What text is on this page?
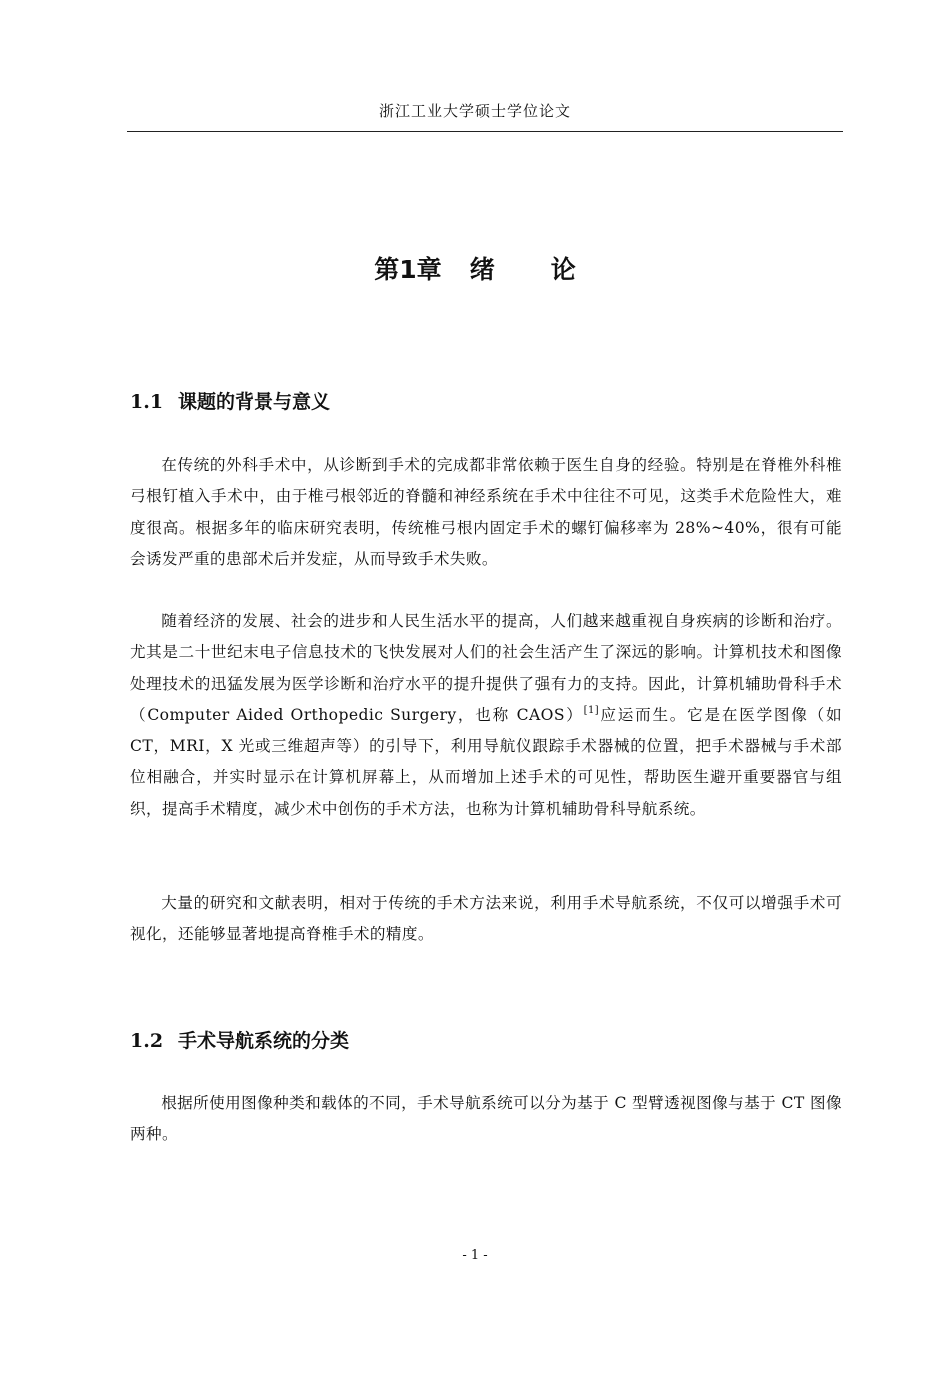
浙江工业大学硕士学位论文
第1章 绪 论
1.1 课题的背景与意义

在传统的外科手术中，从诊断到手术的完成都非常依赖于医生自身的经验。特别是在脊椎外科椎弓根钉植入手术中，由于椎弓根邻近的脊髓和神经系统在手术中往往不可见，这类手术危险性大，难度很高。根据多年的临床研究表明，传统椎弓根内固定手术的螺钉偏移率为 28%~40%，很有可能会诱发严重的患部术后并发症，从而导致手术失败。

随着经济的发展、社会的进步和人民生活水平的提高，人们越来越重视自身疾病的诊断和治疗。尤其是二十世纪末电子信息技术的飞快发展对人们的社会生活产生了深远的影响。计算机技术和图像处理技术的迅猛发展为医学诊断和治疗水平的提升提供了强有力的支持。因此，计算机辅助骨科手术（Computer Aided Orthopedic Surgery，也称 CAOS）[1]应运而生。它是在医学图像（如 CT，MRI，X 光或三维超声等）的引导下，利用导航仪跟踪手术器械的位置，把手术器械与手术部位相融合，并实时显示在计算机屏幕上，从而增加上述手术的可见性，帮助医生避开重要器官与组织，提高手术精度，减少术中创伤的手术方法，也称为计算机辅助骨科导航系统。

大量的研究和文献表明，相对于传统的手术方法来说，利用手术导航系统，不仅可以增强手术可视化，还能够显著地提高脊椎手术的精度。

1.2 手术导航系统的分类

根据所使用图像种类和载体的不同，手术导航系统可以分为基于 C 型臂透视图像与基于 CT 图像两种。

- 1 -
